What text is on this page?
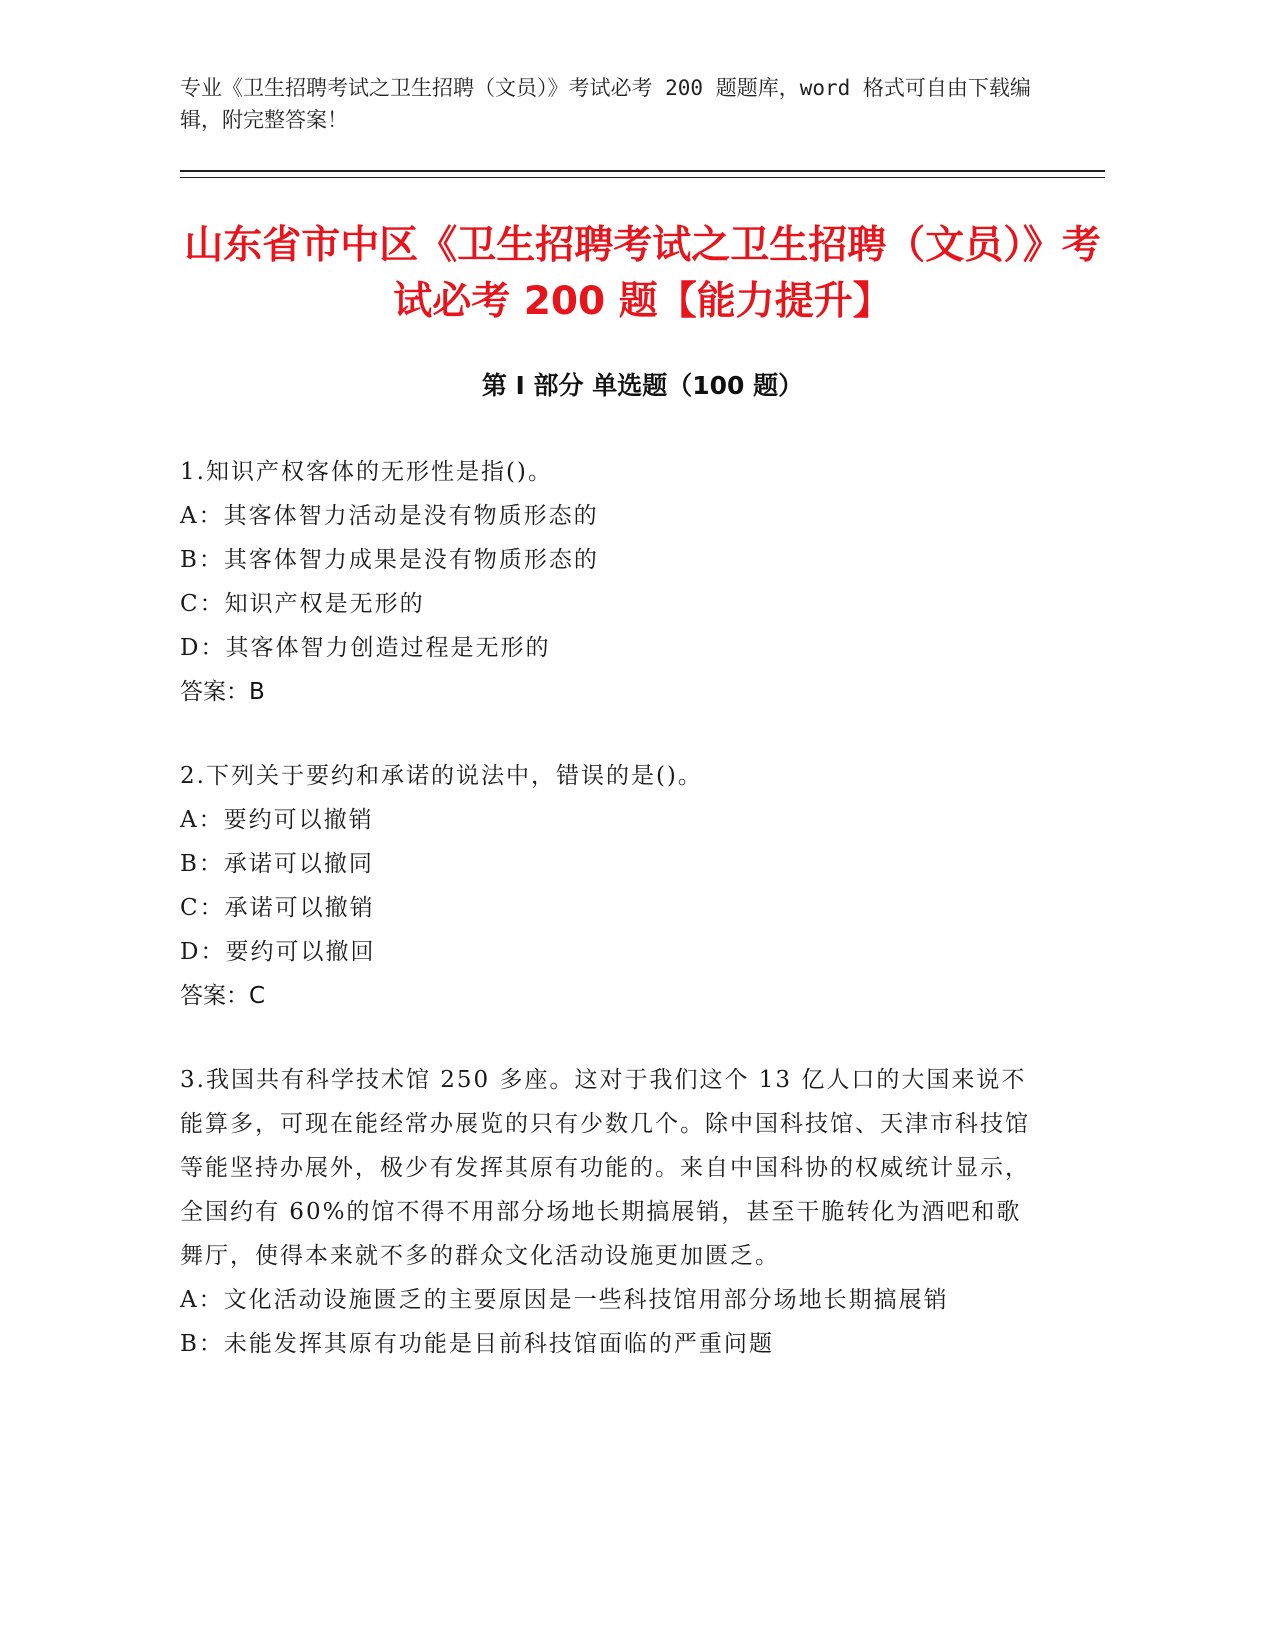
专业《卫生招聘考试之卫生招聘（文员）》考试必考 200 题题库，word 格式可自由下载编辑，附完整答案！

山东省市中区《卫生招聘考试之卫生招聘（文员）》考试必考 200 题【能力提升】
第 I 部分 单选题（100 题）

1.知识产权客体的无形性是指()。

A：其客体智力活动是没有物质形态的

B：其客体智力成果是没有物质形态的

C：知识产权是无形的

D：其客体智力创造过程是无形的

答案：B

2.下列关于要约和承诺的说法中，错误的是()。

A：要约可以撤销

B：承诺可以撤同

C：承诺可以撤销

D：要约可以撤回

答案：C

3.我国共有科学技术馆 250 多座。这对于我们这个 13 亿人口的大国来说不能算多，可现在能经常办展览的只有少数几个。除中国科技馆、天津市科技馆等能坚持办展外，极少有发挥其原有功能的。来自中国科协的权威统计显示，全国约有 60%的馆不得不用部分场地长期搞展销，甚至干脆转化为酒吧和歌舞厅，使得本来就不多的群众文化活动设施更加匮乏。

A：文化活动设施匮乏的主要原因是一些科技馆用部分场地长期搞展销

B：未能发挥其原有功能是目前科技馆面临的严重问题
